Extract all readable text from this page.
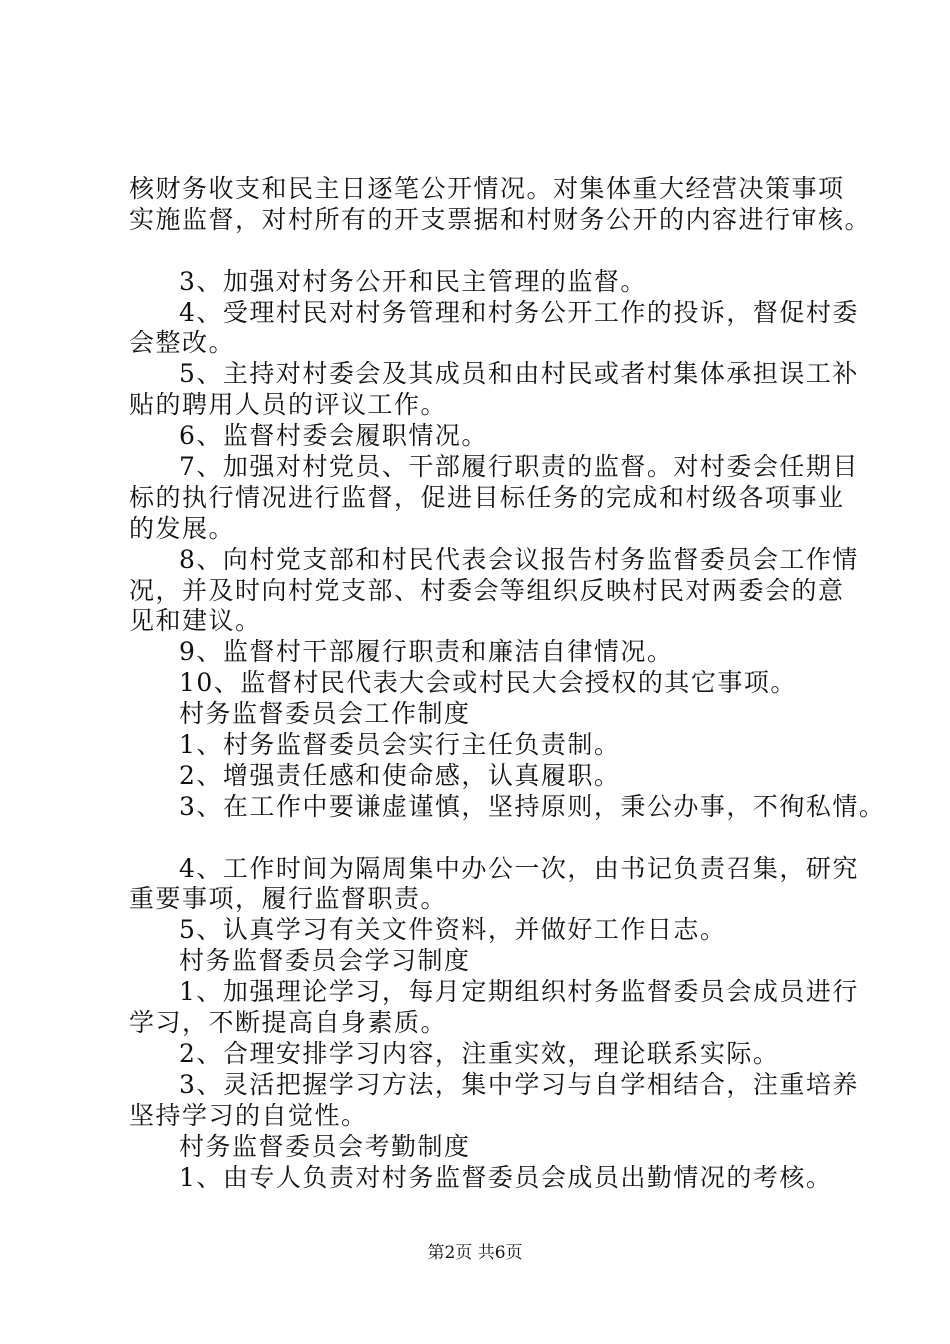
核财务收支和民主日逐笔公开情况。对集体重大经营决策事项
实施监督，对村所有的开支票据和村财务公开的内容进行审核。
3、加强对村务公开和民主管理的监督。
4、受理村民对村务管理和村务公开工作的投诉，督促村委
会整改。
5、主持对村委会及其成员和由村民或者村集体承担误工补
贴的聘用人员的评议工作。
6、监督村委会履职情况。
7、加强对村党员、干部履行职责的监督。对村委会任期目
标的执行情况进行监督，促进目标任务的完成和村级各项事业
的发展。
8、向村党支部和村民代表会议报告村务监督委员会工作情
况，并及时向村党支部、村委会等组织反映村民对两委会的意
见和建议。
9、监督村干部履行职责和廉洁自律情况。
10、监督村民代表大会或村民大会授权的其它事项。
村务监督委员会工作制度
1、村务监督委员会实行主任负责制。
2、增强责任感和使命感，认真履职。
3、在工作中要谦虚谨慎，坚持原则，秉公办事，不徇私情。
4、工作时间为隔周集中办公一次，由书记负责召集，研究
重要事项，履行监督职责。
5、认真学习有关文件资料，并做好工作日志。
村务监督委员会学习制度
1、加强理论学习，每月定期组织村务监督委员会成员进行
学习，不断提高自身素质。
2、合理安排学习内容，注重实效，理论联系实际。
3、灵活把握学习方法，集中学习与自学相结合，注重培养
坚持学习的自觉性。
村务监督委员会考勤制度
1、由专人负责对村务监督委员会成员出勤情况的考核。
第2页 共6页
